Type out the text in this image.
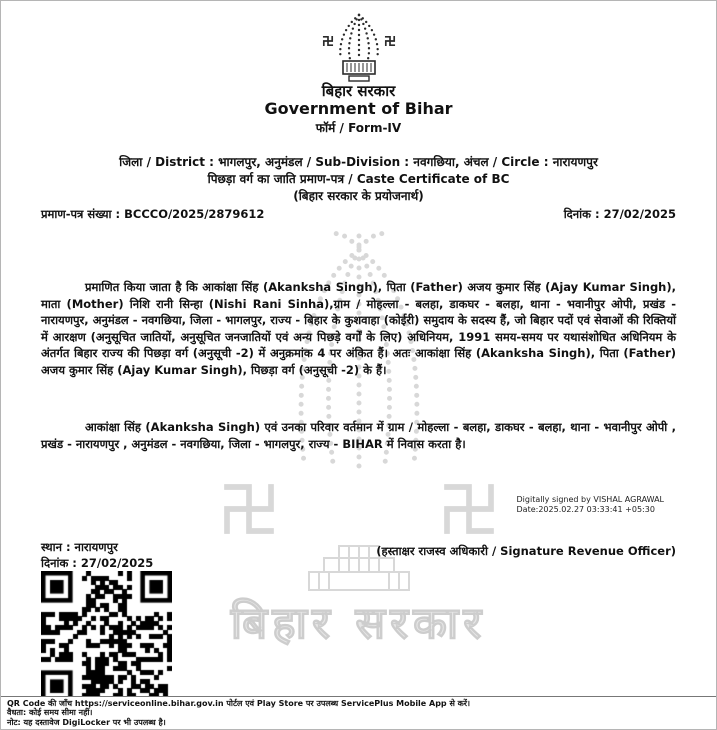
बिहार सरकार
बिहार सरकार
Government of Bihar
फॉर्म / Form-IV
जिला / District : भागलपुर, अनुमंडल / Sub-Division : नवगछिया, अंचल / Circle : नारायणपुर
पिछड़ा वर्ग का जाति प्रमाण-पत्र / Caste Certificate of BC
(बिहार सरकार के प्रयोजनार्थ)
प्रमाण-पत्र संख्या : BCCCO/2025/2879612	दिनांक : 27/02/2025

प्रमाणित किया जाता है कि आकांक्षा सिंह (Akanksha Singh), पिता (Father) अजय कुमार सिंह (Ajay Kumar Singh), माता (Mother) निशि रानी सिन्हा (Nishi Rani Sinha),ग्राम / मोहल्ला - बलहा, डाकघर - बलहा, थाना - भवानीपुर ओपी, प्रखंड - नारायणपुर, अनुमंडल - नवगछिया, जिला - भागलपुर, राज्य - बिहार के कुशवाहा (कोईरी) समुदाय के सदस्य हैं, जो बिहार पदों एवं सेवाओं की रिक्तियों में आरक्षण (अनुसूचित जातियों, अनुसूचित जनजातियों एवं अन्य पिछड़े वर्गों के लिए) अधिनियम, 1991 समय-समय पर यथासंशोधित अधिनियम के अंतर्गत बिहार राज्य की पिछड़ा वर्ग (अनुसूची -2) में अनुक्रमांक 4 पर अंकित हैं। अतः आकांक्षा सिंह (Akanksha Singh), पिता (Father) अजय कुमार सिंह (Ajay Kumar Singh), पिछड़ा वर्ग (अनुसूची -2) के हैं।

आकांक्षा सिंह (Akanksha Singh) एवं उनका परिवार वर्तमान में ग्राम / मोहल्ला - बलहा, डाकघर - बलहा, थाना - भवानीपुर ओपी , प्रखंड - नारायणपुर , अनुमंडल - नवगछिया, जिला - भागलपुर, राज्य - BIHAR में निवास करता है।

Digitally signed by VISHAL AGRAWAL
Date:2025.02.27 03:33:41 +05:30
स्थान : नारायणपुर
दिनांक : 27/02/2025
(हस्ताक्षर राजस्व अधिकारी / Signature Revenue Officer)
QR Code की जाँच https://serviceonline.bihar.gov.in पोर्टल एवं Play Store पर उपलब्ध ServicePlus Mobile App से करें।
वैधता: कोई समय सीमा नहीं।
नोट: यह दस्तावेज DigiLocker पर भी उपलब्ध है।
